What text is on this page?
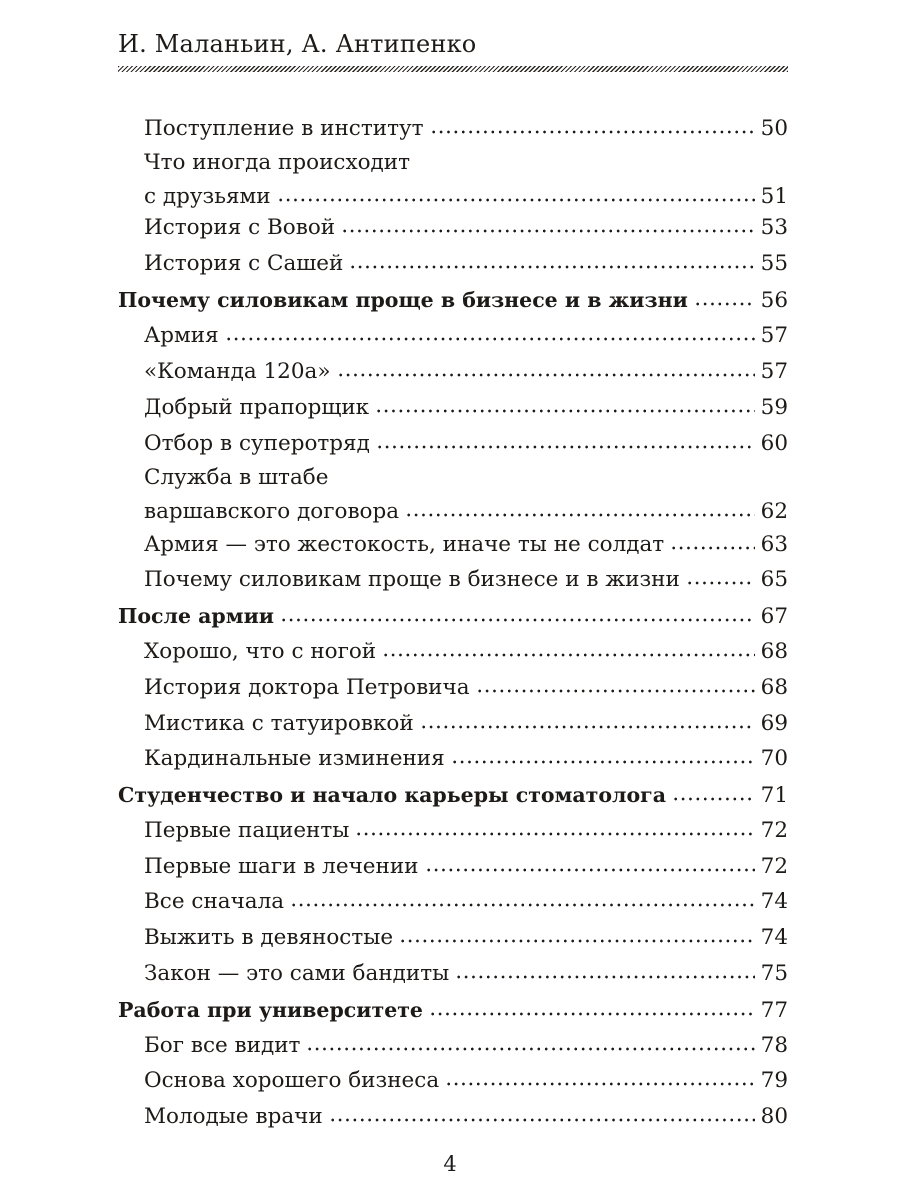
И. Маланьин, А. Антипенко
Поступление в институт	50
Что иногда происходит
с друзьями	51
История с Вовой	53
История с Сашей	55
Почему силовикам проще в бизнесе и в жизни	56
Армия	57
«Команда 120а»	57
Добрый прапорщик	59
Отбор в суперотряд	60
Служба в штабе
варшавского договора	62
Армия — это жестокость, иначе ты не солдат	63
Почему силовикам проще в бизнесе и в жизни	65
После армии	67
Хорошо, что с ногой	68
История доктора Петровича	68
Мистика с татуировкой	69
Кардинальные изминения	70
Студенчество и начало карьеры стоматолога	71
Первые пациенты	72
Первые шаги в лечении	72
Все сначала	74
Выжить в девяностые	74
Закон — это сами бандиты	75
Работа при университете	77
Бог все видит	78
Основа хорошего бизнеса	79
Молодые врачи	80
4
